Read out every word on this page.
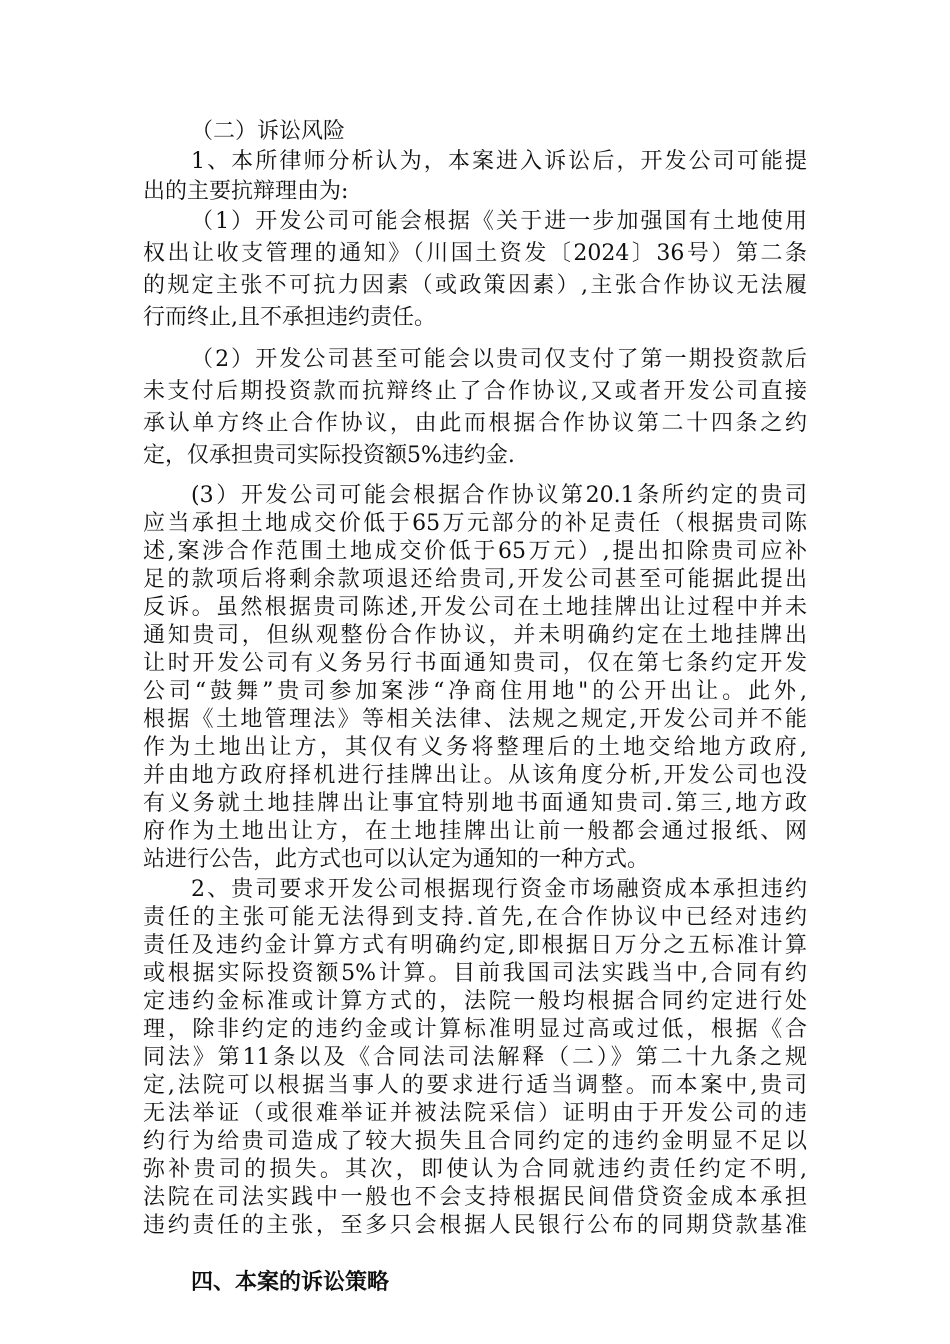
（二）诉讼风险
1、本所律师分析认为，本案进入诉讼后，开发公司可能提
出的主要抗辩理由为:
（1）开发公司可能会根据《关于进一步加强国有土地使用
权出让收支管理的通知》（川国土资发〔2024〕36号）第二条
的规定主张不可抗力因素（或政策因素）,主张合作协议无法履
行而终止,且不承担违约责任。
（2）开发公司甚至可能会以贵司仅支付了第一期投资款后
未支付后期投资款而抗辩终止了合作协议,又或者开发公司直接
承认单方终止合作协议，由此而根据合作协议第二十四条之约
定，仅承担贵司实际投资额5%违约金.
(3）开发公司可能会根据合作协议第20.1条所约定的贵司
应当承担土地成交价低于65万元部分的补足责任（根据贵司陈
述,案涉合作范围土地成交价低于65万元）,提出扣除贵司应补
足的款项后将剩余款项退还给贵司,开发公司甚至可能据此提出
反诉。虽然根据贵司陈述,开发公司在土地挂牌出让过程中并未
通知贵司，但纵观整份合作协议，并未明确约定在土地挂牌出
让时开发公司有义务另行书面通知贵司，仅在第七条约定开发
公司“鼓舞”贵司参加案涉“净商住用地"的公开出让。此外,
根据《土地管理法》等相关法律、法规之规定,开发公司并不能
作为土地出让方，其仅有义务将整理后的土地交给地方政府,
并由地方政府择机进行挂牌出让。从该角度分析,开发公司也没
有义务就土地挂牌出让事宜特别地书面通知贵司.第三,地方政
府作为土地出让方，在土地挂牌出让前一般都会通过报纸、网
站进行公告，此方式也可以认定为通知的一种方式。
2、贵司要求开发公司根据现行资金市场融资成本承担违约
责任的主张可能无法得到支持.首先,在合作协议中已经对违约
责任及违约金计算方式有明确约定,即根据日万分之五标准计算
或根据实际投资额5%计算。目前我国司法实践当中,合同有约
定违约金标准或计算方式的，法院一般均根据合同约定进行处
理，除非约定的违约金或计算标准明显过高或过低，根据《合
同法》第11条以及《合同法司法解释（二）》第二十九条之规
定,法院可以根据当事人的要求进行适当调整。而本案中,贵司
无法举证（或很难举证并被法院采信）证明由于开发公司的违
约行为给贵司造成了较大损失且合同约定的违约金明显不足以
弥补贵司的损失。其次，即使认为合同就违约责任约定不明,
法院在司法实践中一般也不会支持根据民间借贷资金成本承担
违约责任的主张，至多只会根据人民银行公布的同期贷款基准
四、本案的诉讼策略
